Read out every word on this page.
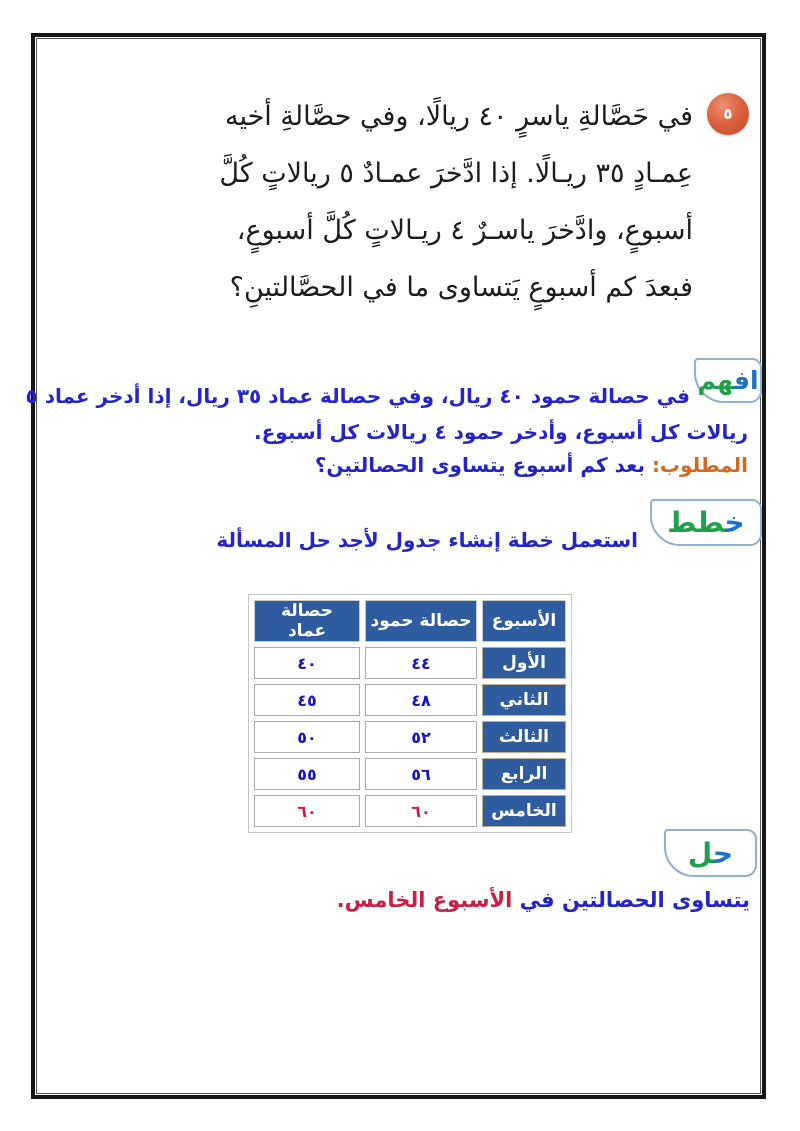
٥
في حَصَّالةِ ياسرٍ ٤٠ ريالًا، وفي حصَّالةِ أخيه
عِمـادٍ ٣٥ ريـالًا. إذا ادَّخرَ عمـادٌ ٥ ريالاتٍ كُلَّ
أسبوعٍ، وادَّخرَ ياسـرٌ ٤ ريـالاتٍ كُلَّ أسبوعٍ،
فبعدَ كم أسبوعٍ يَتساوى ما في الحصَّالتينِ؟
اف‍
‍هم
في حصالة حمود ٤٠ ريال، وفي حصالة عماد ٣٥ ريال، إذا أدخر عماد ٥
ريالات كل أسبوع، وأدخر حمود ٤ ريالات كل أسبوع.
المطلوب: بعد كم أسبوع يتساوى الحصالتين؟
خ‍
‍طط
استعمل خطة إنشاء جدول لأجد حل المسألة
الأسبوع	حصالة حمود	حصالة عماد
الأول	٤٤	٤٠
الثاني	٤٨	٤٥
الثالث	٥٢	٥٠
الرابع	٥٦	٥٥
الخامس	٦٠	٦٠
ح‍
‍ل
يتساوى الحصالتين في الأسبوع الخامس.
